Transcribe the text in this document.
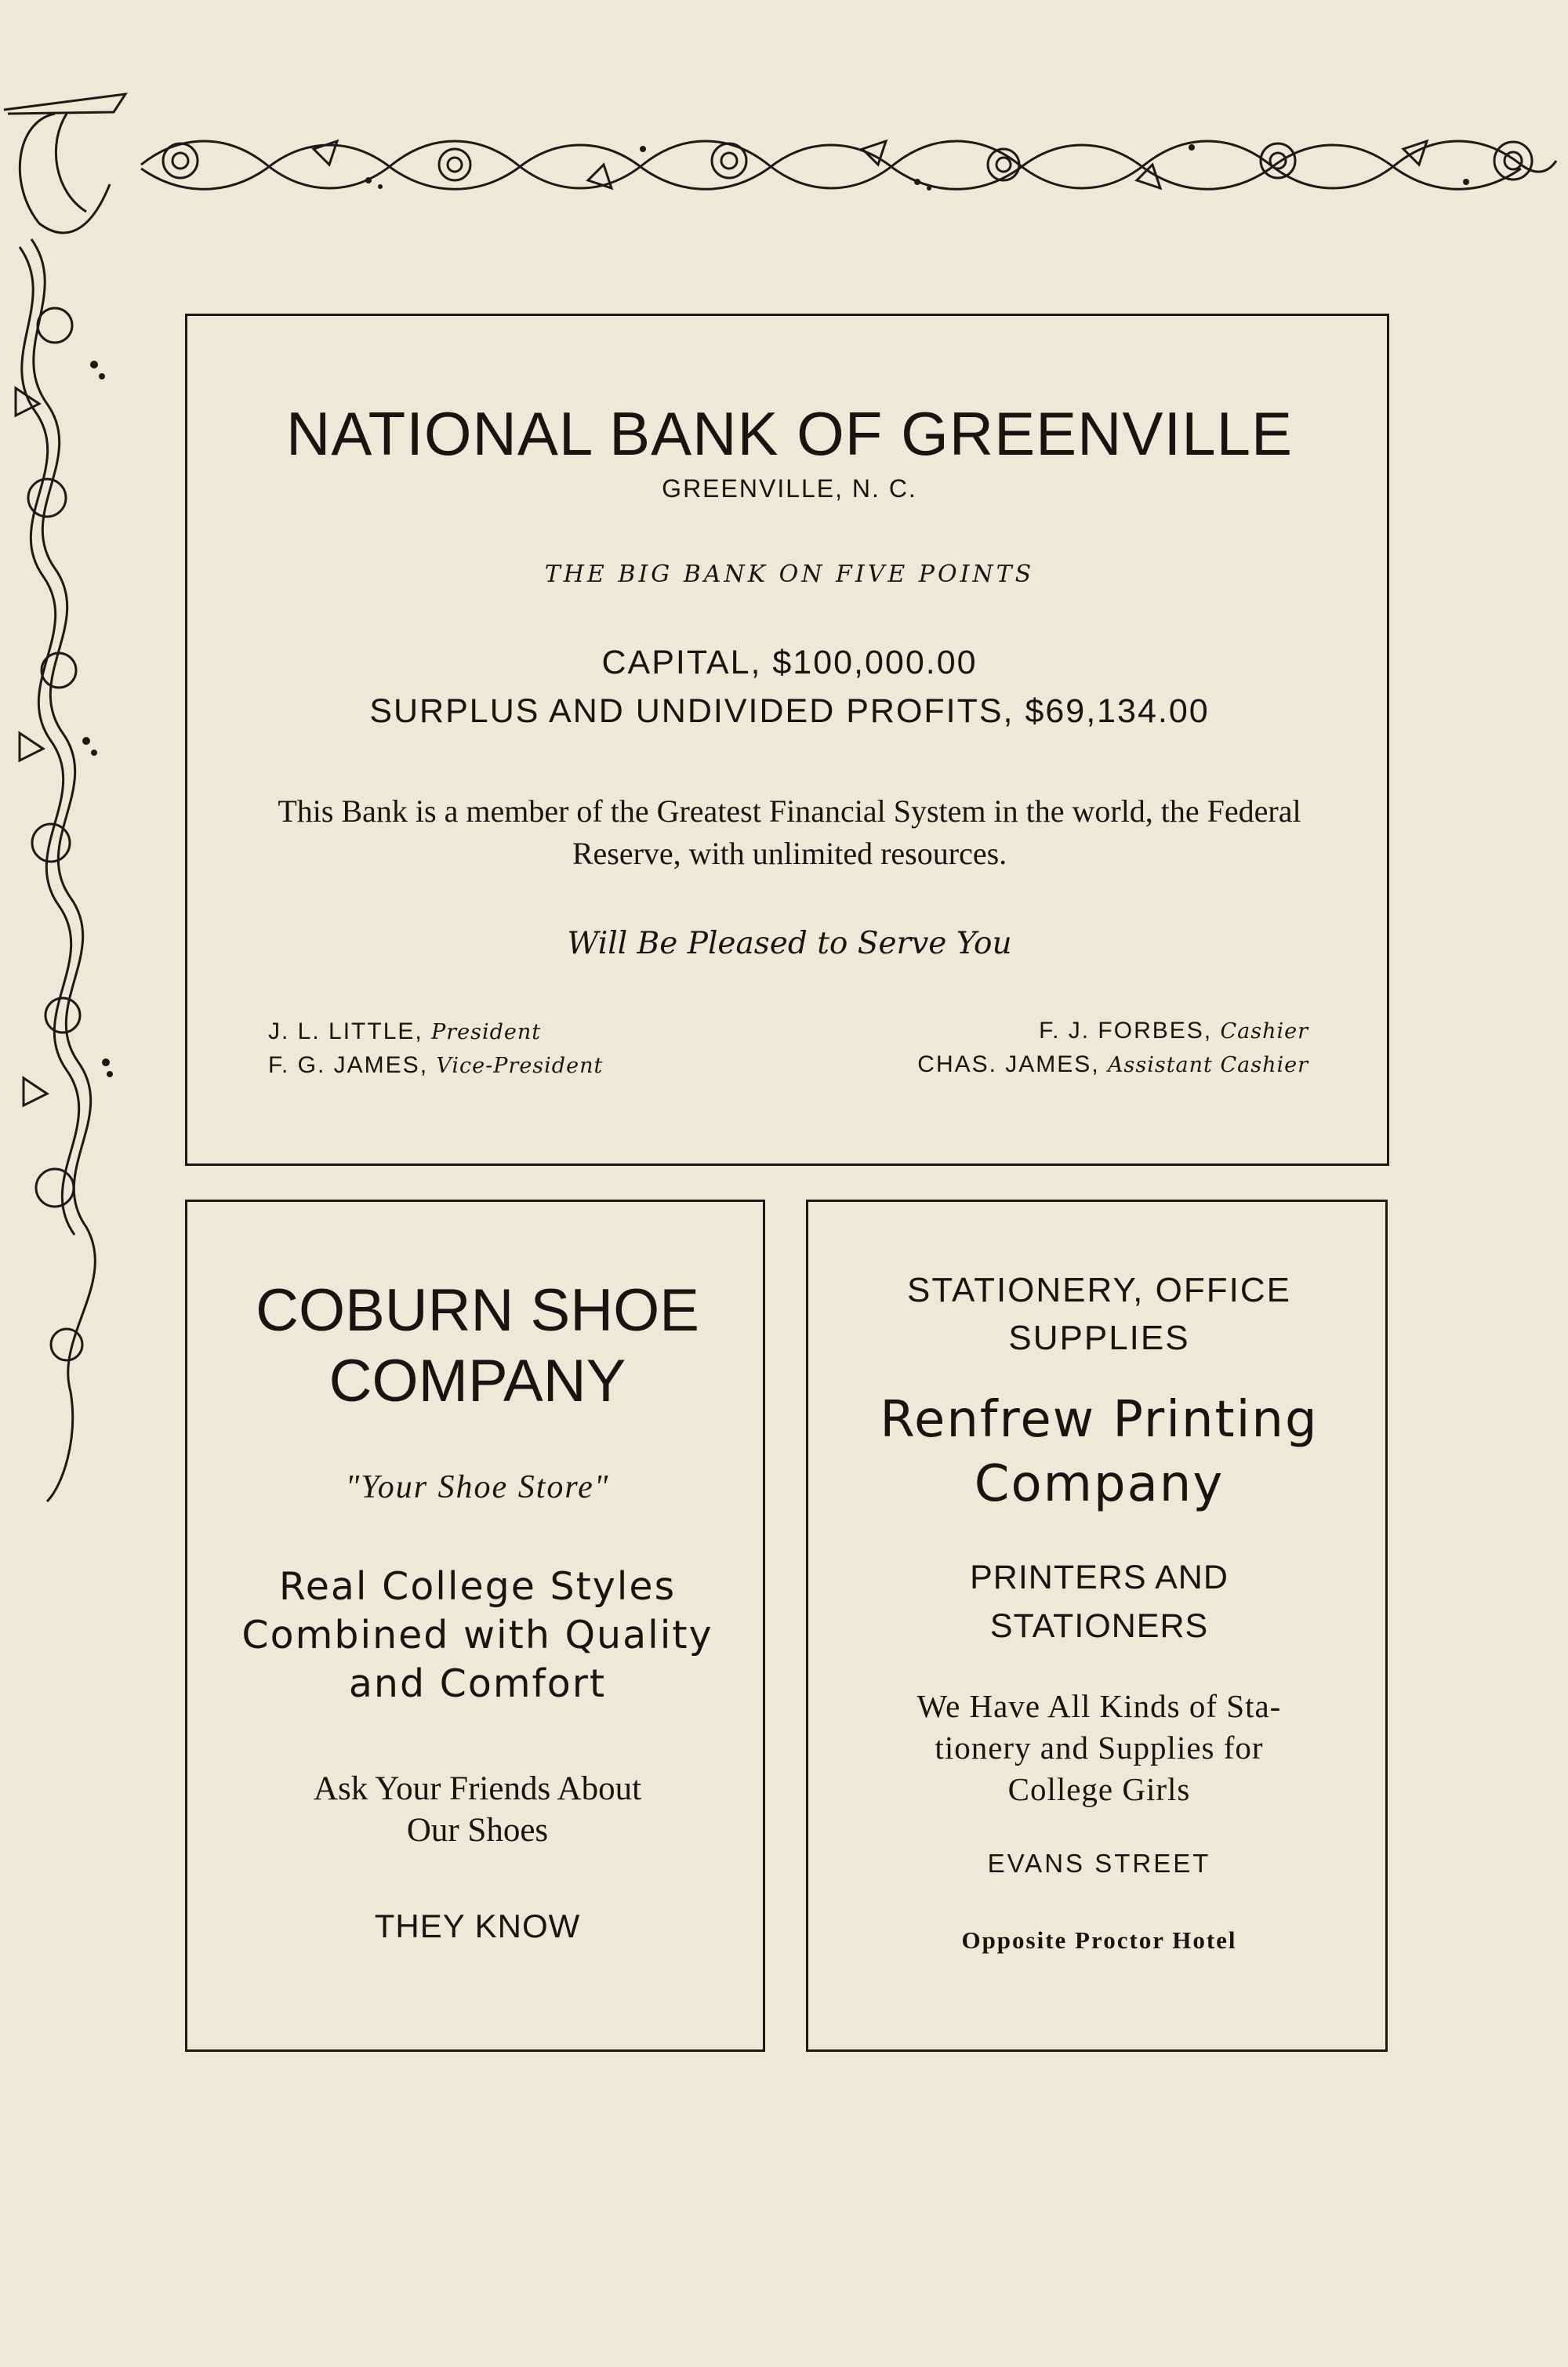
NATIONAL BANK OF GREENVILLE
GREENVILLE, N. C.
THE BIG BANK ON FIVE POINTS
CAPITAL, $100,000.00
SURPLUS AND UNDIVIDED PROFITS, $69,134.00
This Bank is a member of the Greatest Financial System in the world, the Federal Reserve, with unlimited resources.
Will Be Pleased to Serve You
J. L. LITTLE, President
F. G. JAMES, Vice-President
F. J. FORBES, Cashier
CHAS. JAMES, Assistant Cashier
COBURN SHOE
COMPANY
"Your Shoe Store"
Real College Styles
Combined with Quality
and Comfort
Ask Your Friends About
Our Shoes
THEY KNOW
STATIONERY, OFFICE
SUPPLIES
Renfrew Printing
Company
PRINTERS AND
STATIONERS
We Have All Kinds of Sta-
tionery and Supplies for
College Girls
EVANS STREET
Opposite Proctor Hotel
